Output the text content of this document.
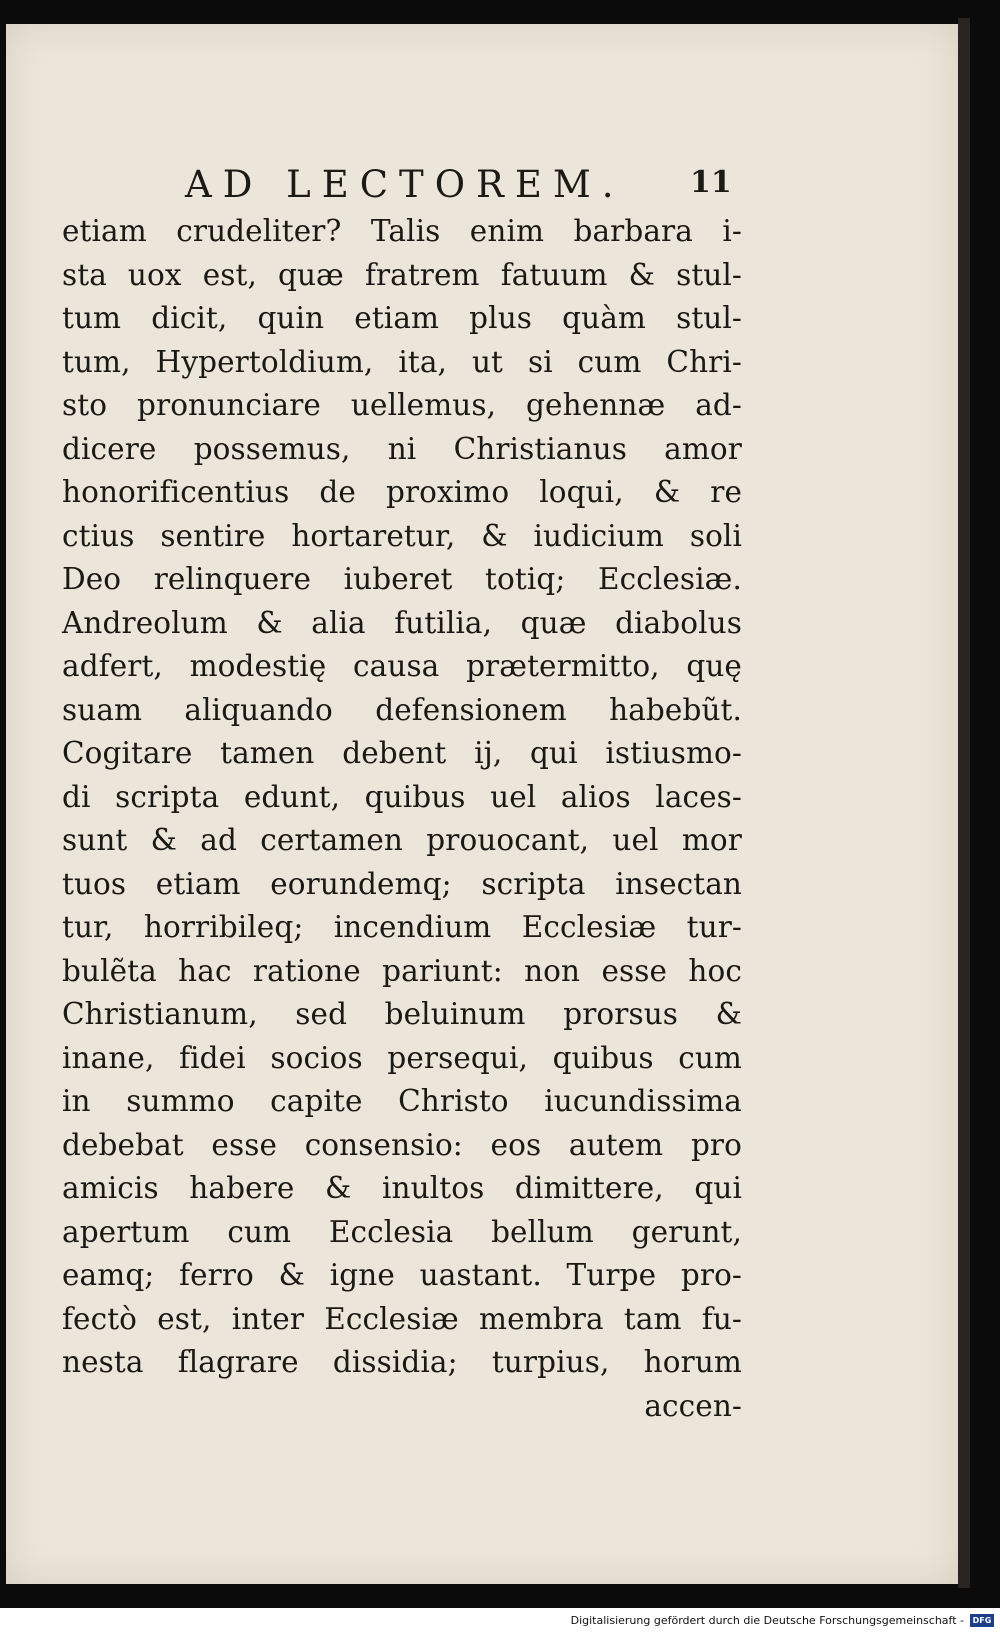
AD LECTOREM. 11
etiam crudeliter? Talis enim barbara i-
sta uox est, quæ fratrem fatuum & stul-
tum dicit, quin etiam plus quàm stul-
tum, Hypertoldium, ita, ut si cum Chri-
sto pronunciare uellemus, gehennæ ad-
dicere possemus, ni Christianus amor
honorificentius de proximo loqui, & re
ctius sentire hortaretur, & iudicium soli
Deo relinquere iuberet totiq; Ecclesiæ.
Andreolum & alia futilia, quæ diabolus
adfert, modestię causa prætermitto, quę
suam aliquando defensionem habebũt.
Cogitare tamen debent ij, qui istiusmo-
di scripta edunt, quibus uel alios laces-
sunt & ad certamen prouocant, uel mor
tuos etiam eorundemq; scripta insectan
tur, horribileq; incendium Ecclesiæ tur-
bulẽta hac ratione pariunt: non esse hoc
Christianum, sed beluinum prorsus &
inane, fidei socios persequi, quibus cum
in summo capite Christo iucundissima
debebat esse consensio: eos autem pro
amicis habere & inultos dimittere, qui
apertum cum Ecclesia bellum gerunt,
eamq; ferro & igne uastant. Turpe pro-
fectò est, inter Ecclesiæ membra tam fu-
nesta flagrare dissidia; turpius, horum
accen-
Digitalisierung gefördert durch die Deutsche Forschungsgemeinschaft -	DFG
